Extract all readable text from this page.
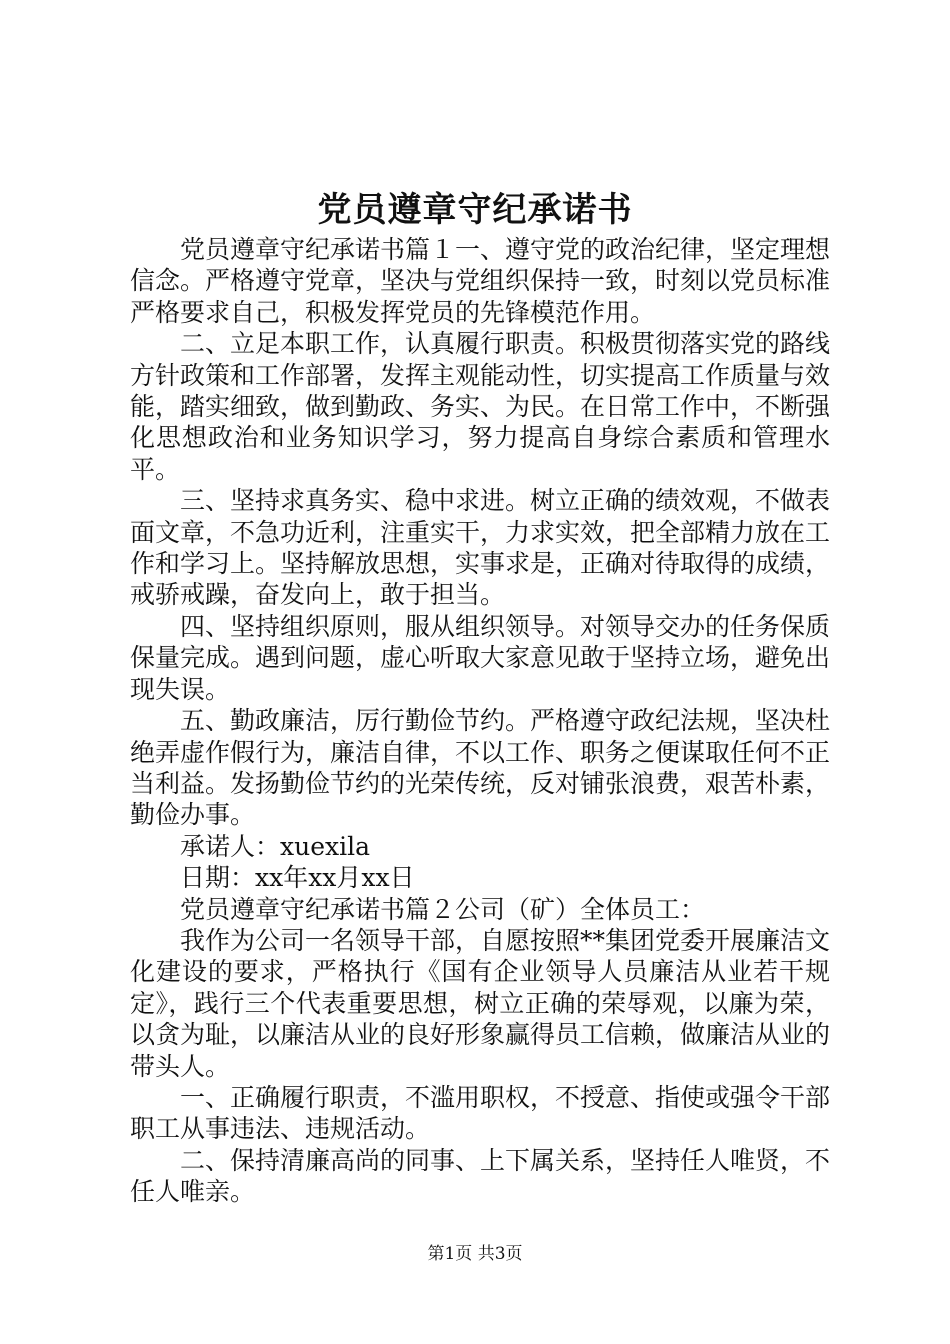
党员遵章守纪承诺书

党员遵章守纪承诺书篇１一、遵守党的政治纪律，坚定理想信念。严格遵守党章，坚决与党组织保持一致，时刻以党员标准严格要求自己，积极发挥党员的先锋模范作用。

二、立足本职工作，认真履行职责。积极贯彻落实党的路线方针政策和工作部署，发挥主观能动性，切实提高工作质量与效能，踏实细致，做到勤政、务实、为民。在日常工作中，不断强化思想政治和业务知识学习，努力提高自身综合素质和管理水平。

三、坚持求真务实、稳中求进。树立正确的绩效观，不做表面文章，不急功近利，注重实干，力求实效，把全部精力放在工作和学习上。坚持解放思想，实事求是，正确对待取得的成绩，戒骄戒躁，奋发向上，敢于担当。

四、坚持组织原则，服从组织领导。对领导交办的任务保质保量完成。遇到问题，虚心听取大家意见敢于坚持立场，避免出现失误。

五、勤政廉洁，厉行勤俭节约。严格遵守政纪法规，坚决杜绝弄虚作假行为，廉洁自律，不以工作、职务之便谋取任何不正当利益。发扬勤俭节约的光荣传统，反对铺张浪费，艰苦朴素，勤俭办事。

承诺人：xuexila

日期：xx年xx月xx日

党员遵章守纪承诺书篇２公司（矿）全体员工：

我作为公司一名领导干部，自愿按照**集团党委开展廉洁文化建设的要求，严格执行《国有企业领导人员廉洁从业若干规定》，践行三个代表重要思想，树立正确的荣辱观，以廉为荣，以贪为耻，以廉洁从业的良好形象赢得员工信赖，做廉洁从业的带头人。

一、正确履行职责，不滥用职权，不授意、指使或强令干部职工从事违法、违规活动。

二、保持清廉高尚的同事、上下属关系，坚持任人唯贤，不任人唯亲。

第1页 共3页
